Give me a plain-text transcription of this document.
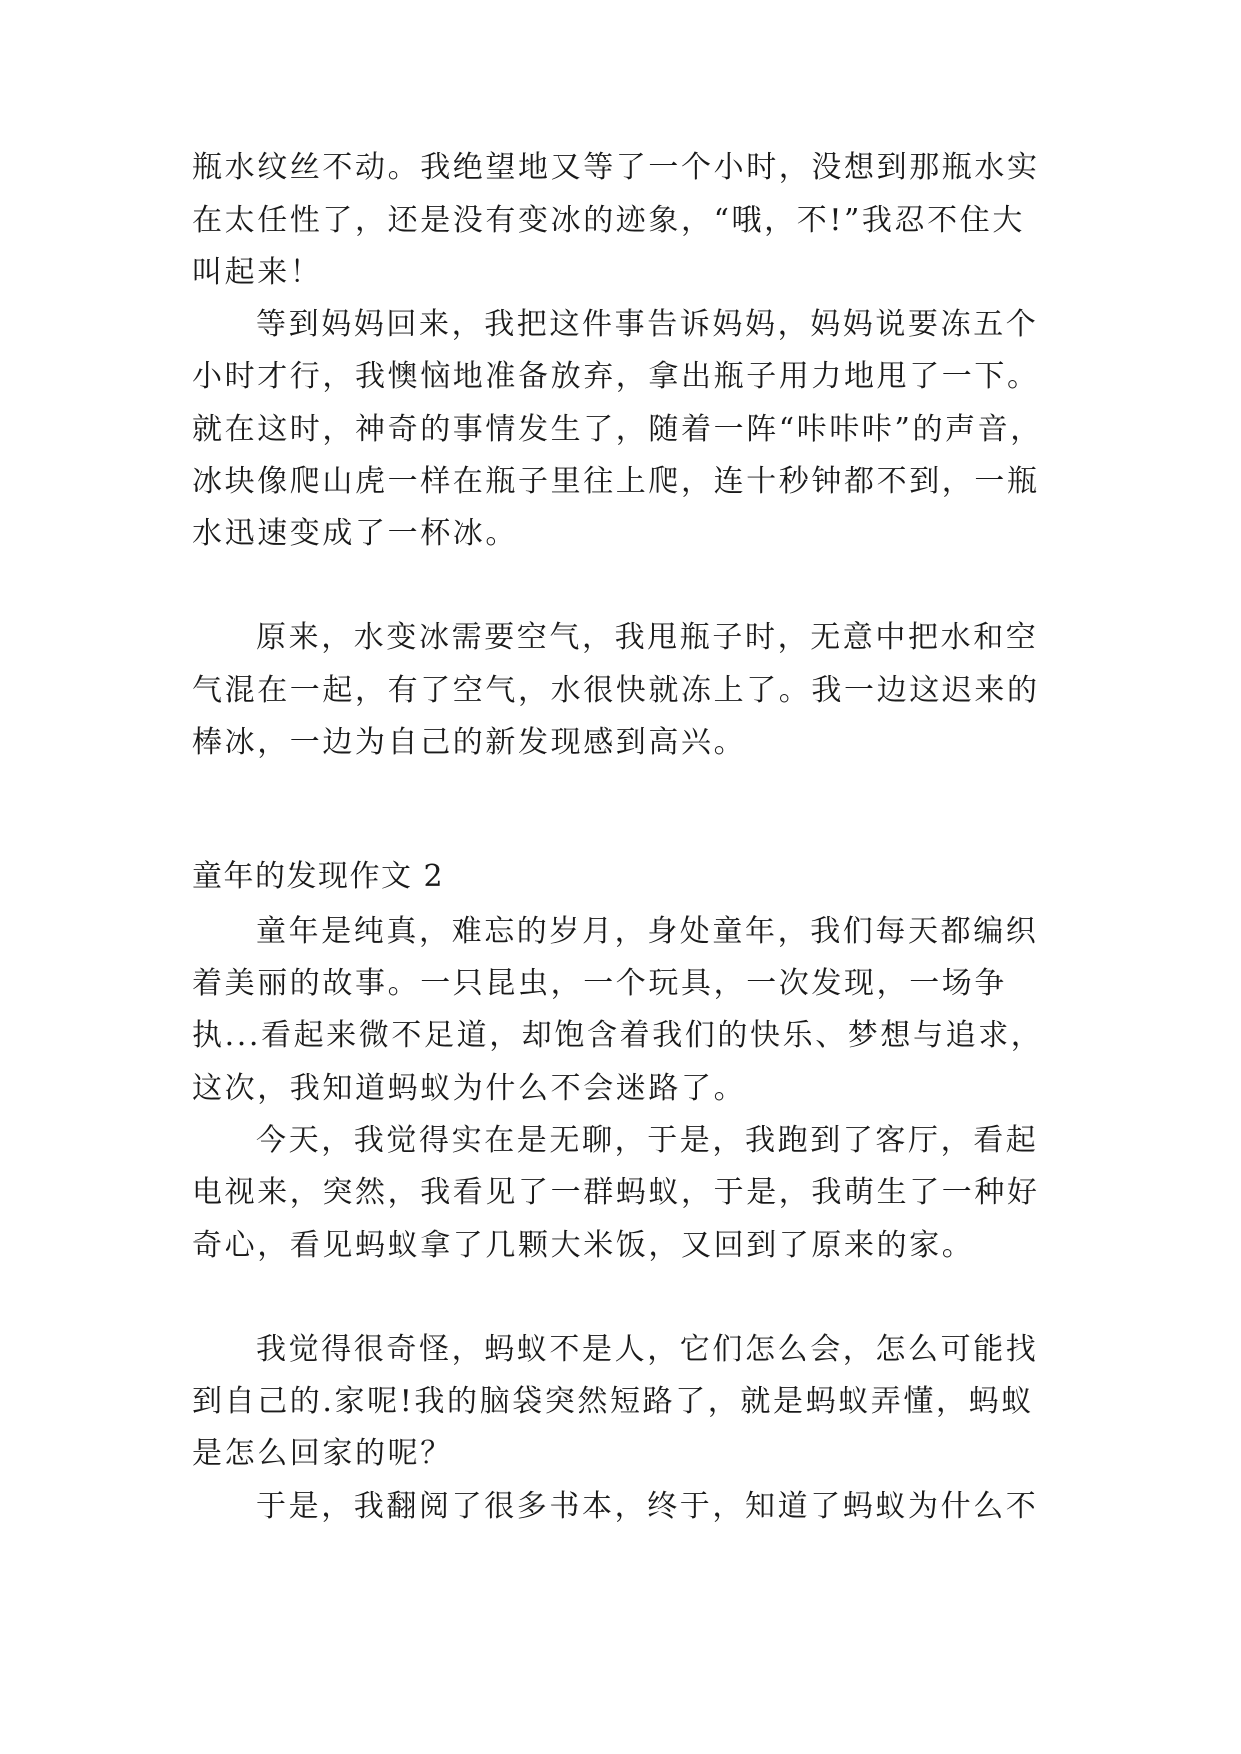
瓶水纹丝不动。我绝望地又等了一个小时，没想到那瓶水实

在太任性了，还是没有变冰的迹象，“哦，不!”我忍不住大

叫起来！

等到妈妈回来，我把这件事告诉妈妈，妈妈说要冻五个

小时才行，我懊恼地准备放弃，拿出瓶子用力地甩了一下。

就在这时，神奇的事情发生了，随着一阵“咔咔咔”的声音，

冰块像爬山虎一样在瓶子里往上爬，连十秒钟都不到，一瓶

水迅速变成了一杯冰。

原来，水变冰需要空气，我甩瓶子时，无意中把水和空

气混在一起，有了空气，水很快就冻上了。我一边这迟来的

棒冰，一边为自己的新发现感到高兴。

童年的发现作文 2

童年是纯真，难忘的岁月，身处童年，我们每天都编织

着美丽的故事。一只昆虫，一个玩具，一次发现，一场争

执...看起来微不足道，却饱含着我们的快乐、梦想与追求，

这次，我知道蚂蚁为什么不会迷路了。

今天，我觉得实在是无聊，于是，我跑到了客厅，看起

电视来，突然，我看见了一群蚂蚁，于是，我萌生了一种好

奇心，看见蚂蚁拿了几颗大米饭，又回到了原来的家。

我觉得很奇怪，蚂蚁不是人，它们怎么会，怎么可能找

到自己的.家呢!我的脑袋突然短路了，就是蚂蚁弄懂，蚂蚁

是怎么回家的呢？

于是，我翻阅了很多书本，终于，知道了蚂蚁为什么不
